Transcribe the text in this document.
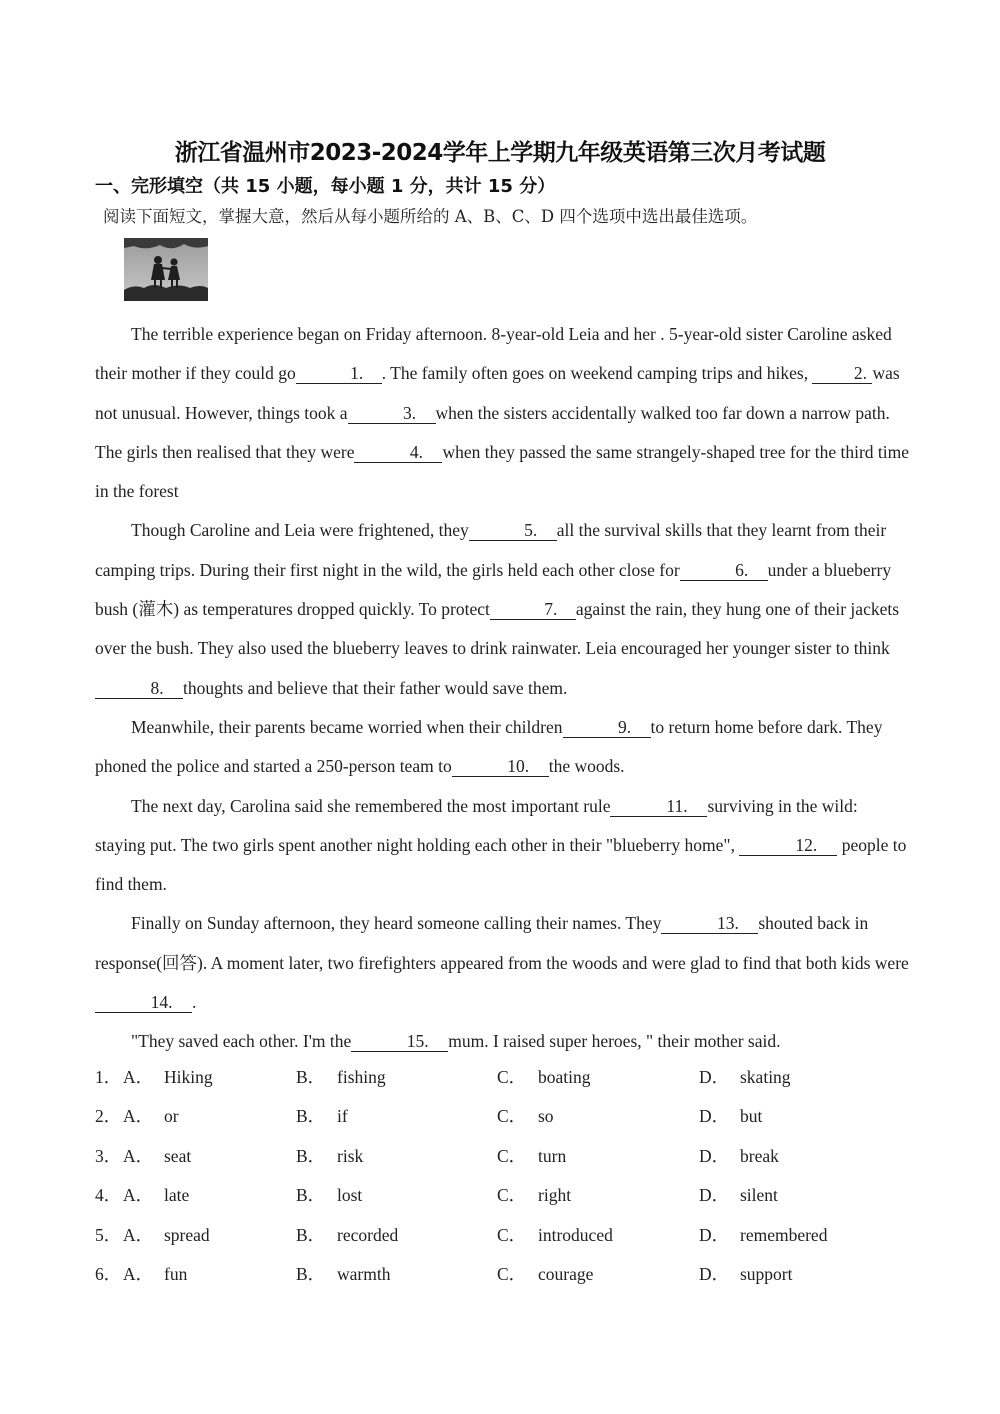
浙江省温州市2023-2024学年上学期九年级英语第三次月考试题
一、完形填空（共 15 小题，每小题 1 分，共计 15 分）
阅读下面短文，掌握大意，然后从每小题所给的 A、B、C、D 四个选项中选出最佳选项。

The terrible experience began on Friday afternoon. 8-year-old Leia and her . 5-year-old sister Caroline asked their mother if they could go	1. . The family often goes on weekend camping trips and hikes, 2. was not unusual. However, things took a	3. when the sisters accidentally walked too far down a narrow path. The girls then realised that they were	4. when they passed the same strangely-shaped tree for the third time in the forest

Though Caroline and Leia were frightened, they	5. all the survival skills that they learnt from their camping trips. During their first night in the wild, the girls held each other close for	6. under a blueberry bush (灌木) as temperatures dropped quickly. To protect	7. against the rain, they hung one of their jackets over the bush. They also used the blueberry leaves to drink rainwater. Leia encouraged her younger sister to think8. thoughts and believe that their father would save them.

Meanwhile, their parents became worried when their children	9. to return home before dark. They phoned the police and started a 250-person team to	10. the woods.

The next day, Carolina said she remembered the most important rule	11. surviving in the wild: staying put. The two girls spent another night holding each other in their "blueberry home",	12. people to find them.

Finally on Sunday afternoon, they heard someone calling their names. They	13. shouted back in response(回答). A moment later, two firefighters appeared from the woods and were glad to find that both kids were14. .

"They saved each other. I'm the	15. mum. I raised super heroes, " their mother said.

1． A． Hiking	B． fishing	C． boating	D． skating
2． A． or	B． if	C． so	D． but
3． A． seat	B． risk	C． turn	D． break
4． A． late	B． lost	C． right	D． silent
5． A． spread	B． recorded	C． introduced	D． remembered
6． A． fun	B． warmth	C． courage	D． support
